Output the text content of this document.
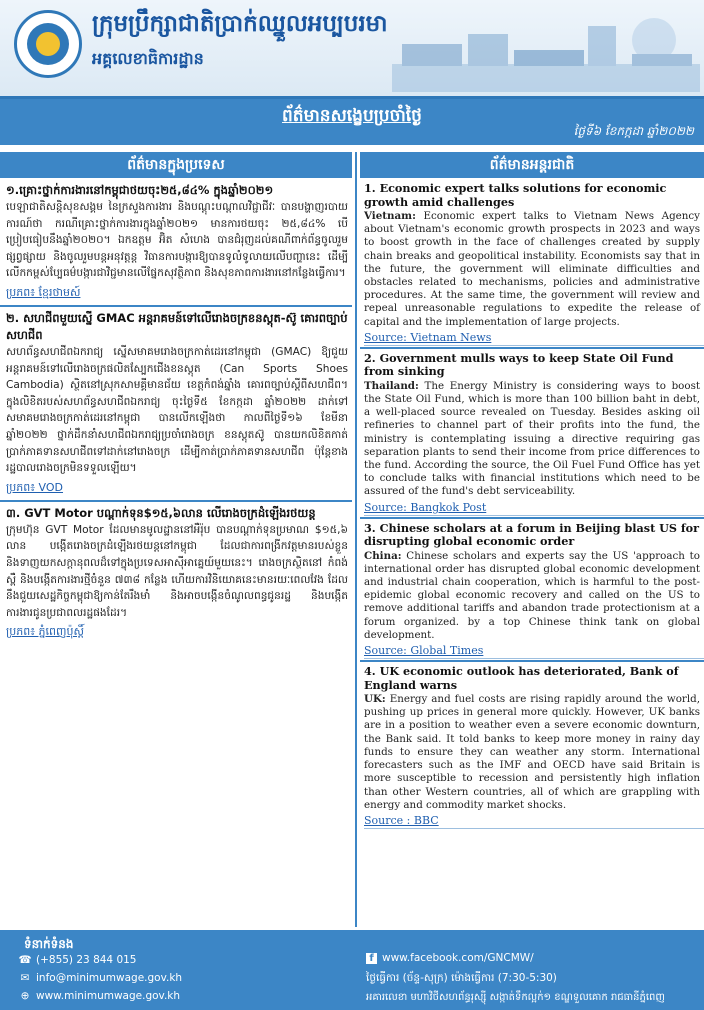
ក្រុមប្រឹក្សាជាតិប្រាក់ឈ្នួលអប្បបរមា
អគ្គលេខាធិការដ្ឋាន
ព័ត៌មានសង្ខេបប្រចាំថ្ងៃ
ថ្ងៃទី៦ ខែកក្កដា ឆ្នាំ២០២២
ព័ត៌មានក្នុងប្រទេស
១.គ្រោះថ្នាក់ការងារនៅកម្ពុជាថយចុះ២៥,៨៤% ក្នុងឆ្នាំ២០២១
បេឡាជាតិសន្តិសុខសង្គម នៃក្រសួងការងារ និងបណ្តុះបណ្តាលវិជ្ជាជីវៈ បានបង្ហាញរបាយការណ៍ថា ករណីគ្រោះថ្នាក់ការងារក្នុងឆ្នាំ២០២១ មានការថយចុះ ២៥,៨៤% បើប្រៀបធៀបនឹងឆ្នាំ២០២០។ ឯកឧត្តម អ៊ិត សំហេង បានជំរុញដល់គណីពាក់ព័ន្ធចូលរួមផ្សព្វផ្សាយ និងចូលរួមបន្តអនុវត្តន្ត វិធានការបង្ការឱ្យបានទូលំទូលាយលើបញ្ហានេះ ដើម្បីលើកកម្ពស់ប្បែធម៌បង្ការជាវិជ្ជមានលើផ្នែកសុវត្ថិភាព និងសុខភាពការងារនៅកន្លែងធ្វើការ។
ប្រភព៖ ខ្មែរថាមស៍
២. សហជីពមួយស្នើ GMAC អន្តរាគមន៍ទៅលើរោងចក្រខនស្តុត-ស៊ូ គោរពច្បាប់សហជីព
សហព័ន្ធសហជីពឯករាជ្យ ស្នើសមាគមរោងចក្រកាត់ដេរនៅកម្ពុជា (GMAC) ឱ្យជួយអន្តរាគមន៍ទៅលើរោងចក្រផលិតស្បែកជើងខនស្តុត (Can Sports Shoes Cambodia) ស្ថិតនៅស្រុកសាមគ្គីមានជ័យ ខេត្តកំពង់ឆ្នាំង គោរពច្បាប់ស្តីពីសហជីព។ក្នុងលិខិតរបស់សហព័ន្ធសហជីពឯករាជ្យ ចុះថ្ងៃទី៥ ខែកក្កដា ឆ្នាំ២០២២ ដាក់ទៅសមាគមរោងចក្រកាត់ដេរនៅកម្ពុជា បានលើកឡើងថា កាលពីថ្ងៃទី១៦ ខែមីនា ឆ្នាំ២០២២ ថ្នាក់ដឹកនាំសហជីពឯករាជ្យប្រចាំរោងចក្រ ខនស្តុតស៊ូ បានយកលិខិតកាត់ប្រាក់ភាគទានសហជីពទៅដាក់នៅរោងចក្រ ដើម្បីកាត់ប្រាក់ភាគទានសហជីព ប៉ុន្តែខាងរដ្ឋបាលរោងចក្រមិនទទួលឡើយ។
ប្រភព៖ VOD
៣. GVT Motor បណ្តាក់ទុន$១៥,៦លាន លើរោងចក្រដំឡើងរថយន្ត
ក្រុមហ៊ុន GVT Motor ដែលមានមូលដ្ឋាននៅអឺរ៉ុប បានបណ្តាក់ទុនប្រមាណ $១៥,៦ លាន បង្កើតរោងចក្រដំឡើងរថយន្តនៅកម្ពុជា ដែលជាការពង្រីកវត្តមានរបស់ខ្លួន និងទាញយកសក្តានុពលដ៏ទៅក្នុងប្រទេសអាស៊ីអាគ្នេយ៍មួយនេះ។ រោងចក្រស្ថិតនៅ កំពង់ស្ពឺ និងបង្កើតការងារថ្មីចំនួន ៧៣៨ កន្លែង ហើយការវិនិយោគនេះមានរយៈពេលវែង ដែលនឹងជួយសេដ្ឋកិច្ចកម្ពុជាឱ្យកាន់តែរឹងមាំ និងអាចបង្កើនចំណូលពន្ធជូនរដ្ឋ និងបង្កើតការងារជូនប្រជាពលរដ្ឋផងដែរ។
ប្រភព៖ ភ្នំពេញប៉ុស្តិ៍
ព័ត៌មានអន្តរជាតិ
1. Economic expert talks solutions for economic growth amid challenges
Vietnam: Economic expert talks to Vietnam News Agency about Vietnam's economic growth prospects in 2023 and ways to boost growth in the face of challenges created by supply chain breaks and geopolitical instability. Economists say that in the future, the government will eliminate difficulties and obstacles related to mechanisms, policies and administrative procedures. At the same time, the government will review and repeal unreasonable regulations to expedite the release of capital and the implementation of large projects.
Source: Vietnam News
2. Government mulls ways to keep State Oil Fund from sinking
Thailand: The Energy Ministry is considering ways to boost the State Oil Fund, which is more than 100 billion baht in debt, a well-placed source revealed on Tuesday. Besides asking oil refineries to channel part of their profits into the fund, the ministry is contemplating issuing a directive requiring gas separation plants to send their income from price differences to the fund. According the source, the Oil Fuel Fund Office has yet to conclude talks with financial institutions which need to be assured of the fund's debt serviceability.
Source: Bangkok Post
3. Chinese scholars at a forum in Beijing blast US for disrupting global economic order
China: Chinese scholars and experts say the US 'approach to international order has disrupted global economic development and industrial chain cooperation, which is harmful to the post-epidemic global economic recovery and called on the US to remove additional tariffs and abandon trade protectionism at a forum organized. by a top Chinese think tank on global development.
Source: Global Times
4. UK economic outlook has deteriorated, Bank of England warns
UK: Energy and fuel costs are rising rapidly around the world, pushing up prices in general more quickly. However, UK banks are in a position to weather even a severe economic downturn, the Bank said. It told banks to keep more money in rainy day funds to ensure they can weather any storm. International forecasters such as the IMF and OECD have said Britain is more susceptible to recession and persistently high inflation than other Western countries, all of which are grappling with energy and commodity market shocks.
Source : BBC
ទំនាក់ទំនង
☎ (+855) 23 844 015
✉ info@minimumwage.gov.kh
⊕ www.minimumwage.gov.kh
f www.facebook.com/GNCMW/
ថ្ងៃធ្វើការ (ច័ន្ទ-សុក្រ) ម៉ោងធ្វើការ (7:30-5:30)
អគារលេខា មហាវិថីសហព័ន្ធរុស្ស៊ី សង្កាត់ទឹកល្អក់១ ខណ្ឌទួលគោក រាជធានីភ្នំពេញ
